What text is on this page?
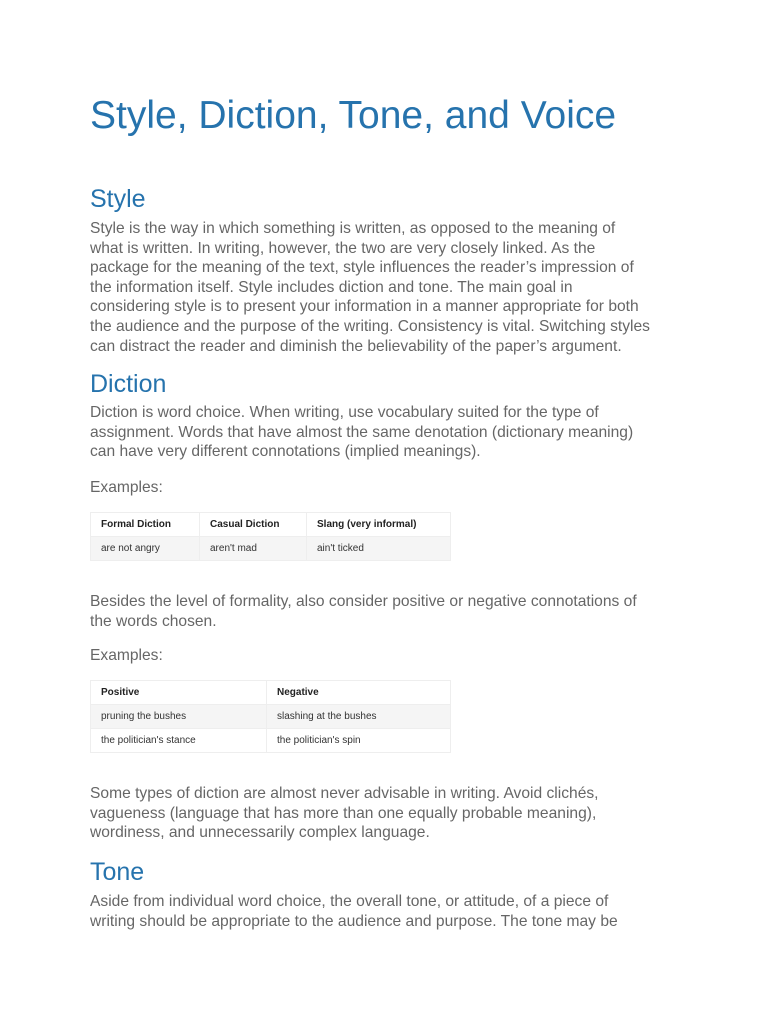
Style, Diction, Tone, and Voice
Style

Style is the way in which something is written, as opposed to the meaning of
what is written. In writing, however, the two are very closely linked. As the
package for the meaning of the text, style influences the reader’s impression of
the information itself. Style includes diction and tone. The main goal in
considering style is to present your information in a manner appropriate for both
the audience and the purpose of the writing. Consistency is vital. Switching styles
can distract the reader and diminish the believability of the paper’s argument.

Diction

Diction is word choice. When writing, use vocabulary suited for the type of
assignment. Words that have almost the same denotation (dictionary meaning)
can have very different connotations (implied meanings).

Examples:

Formal Diction	Casual Diction	Slang (very informal)
are not angry	aren't mad	ain't ticked

Besides the level of formality, also consider positive or negative connotations of
the words chosen.

Examples:

Positive	Negative
pruning the bushes	slashing at the bushes
the politician's stance	the politician's spin

Some types of diction are almost never advisable in writing. Avoid clichés,
vagueness (language that has more than one equally probable meaning),
wordiness, and unnecessarily complex language.

Tone

Aside from individual word choice, the overall tone, or attitude, of a piece of
writing should be appropriate to the audience and purpose. The tone may be
